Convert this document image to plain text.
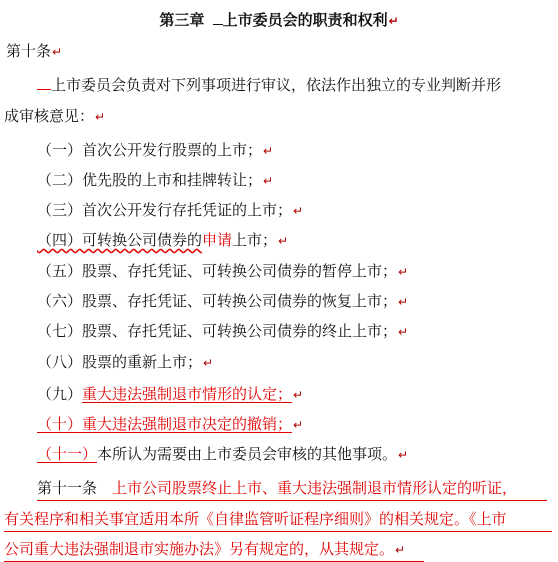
第三章 上市委员会的职责和权利↵
第十条↵
上市委员会负责对下列事项进行审议，依法作出独立的专业判断并形
成审核意见：↵
（一）首次公开发行股票的上市；↵
（二）优先股的上市和挂牌转让；↵
（三）首次公开发行存托凭证的上市；↵
（四）可转换公司债券的申请上市；↵
（五）股票、存托凭证、可转换公司债券的暂停上市；↵
（六）股票、存托凭证、可转换公司债券的恢复上市；↵
（七）股票、存托凭证、可转换公司债券的终止上市；↵
（八）股票的重新上市；↵
（九）重大违法强制退市情形的认定；↵
（十）重大违法强制退市决定的撤销；↵
（十一）本所认为需要由上市委员会审核的其他事项。↵
第十一条 上市公司股票终止上市、重大违法强制退市情形认定的听证，
有关程序和相关事宜适用本所《自律监管听证程序细则》的相关规定。《上市
公司重大违法强制退市实施办法》另有规定的，从其规定。↵
